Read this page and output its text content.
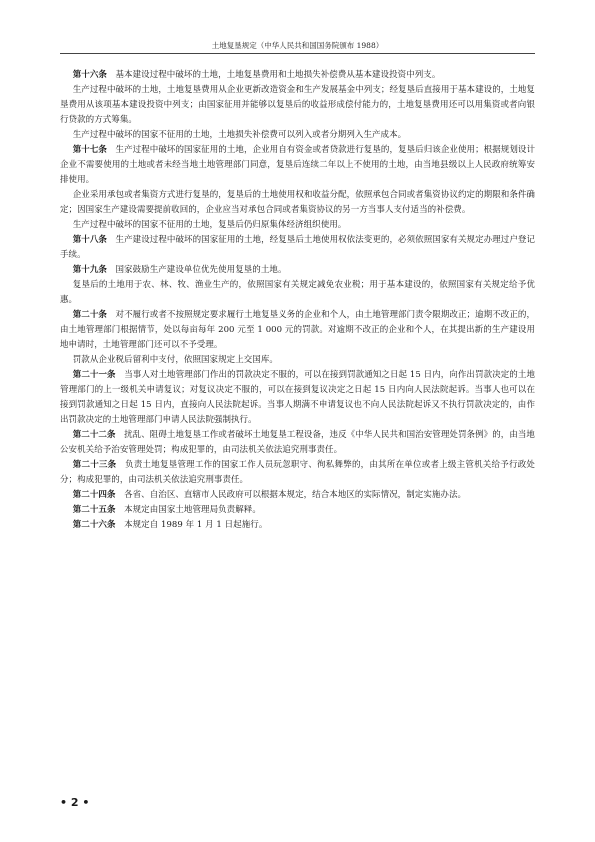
土地复垦规定（中华人民共和国国务院颁布 1988）

第十六条　基本建设过程中破坏的土地，土地复垦费用和土地损失补偿费从基本建设投资中列支。

生产过程中破坏的土地，土地复垦费用从企业更新改造资金和生产发展基金中列支；经复垦后直接用于基本建设的，土地复垦费用从该项基本建设投资中列支；由国家征用并能够以复垦后的收益形成偿付能力的，土地复垦费用还可以用集资或者向银行贷款的方式筹集。

生产过程中破坏的国家不征用的土地，土地损失补偿费可以列入或者分期列入生产成本。

第十七条　生产过程中破坏的国家征用的土地，企业用自有资金或者贷款进行复垦的，复垦后归该企业使用；根据规划设计企业不需要使用的土地或者未经当地土地管理部门同意，复垦后连续二年以上不使用的土地，由当地县级以上人民政府统筹安排使用。

企业采用承包或者集资方式进行复垦的，复垦后的土地使用权和收益分配，依照承包合同或者集资协议约定的期限和条件确定；因国家生产建设需要提前收回的，企业应当对承包合同或者集资协议的另一方当事人支付适当的补偿费。

生产过程中破坏的国家不征用的土地，复垦后仍归原集体经济组织使用。

第十八条　生产建设过程中破坏的国家征用的土地，经复垦后土地使用权依法变更的，必须依照国家有关规定办理过户登记手续。

第十九条　国家鼓励生产建设单位优先使用复垦的土地。

复垦后的土地用于农、林、牧、渔业生产的，依照国家有关规定减免农业税；用于基本建设的，依照国家有关规定给予优惠。

第二十条　对不履行或者不按照规定要求履行土地复垦义务的企业和个人，由土地管理部门责令限期改正；逾期不改正的，由土地管理部门根据情节，处以每亩每年 200 元至 1 000 元的罚款。对逾期不改正的企业和个人，在其提出新的生产建设用地申请时，土地管理部门还可以不予受理。

罚款从企业税后留利中支付，依照国家规定上交国库。

第二十一条　当事人对土地管理部门作出的罚款决定不服的，可以在接到罚款通知之日起 15 日内，向作出罚款决定的土地管理部门的上一级机关申请复议；对复议决定不服的，可以在接到复议决定之日起 15 日内向人民法院起诉。当事人也可以在接到罚款通知之日起 15 日内，直接向人民法院起诉。当事人期满不申请复议也不向人民法院起诉又不执行罚款决定的，由作出罚款决定的土地管理部门申请人民法院强制执行。

第二十二条　扰乱、阻碍土地复垦工作或者破坏土地复垦工程设备，违反《中华人民共和国治安管理处罚条例》的，由当地公安机关给予治安管理处罚；构成犯罪的，由司法机关依法追究刑事责任。

第二十三条　负责土地复垦管理工作的国家工作人员玩忽职守、徇私舞弊的，由其所在单位或者上级主管机关给予行政处分；构成犯罪的，由司法机关依法追究刑事责任。

第二十四条　各省、自治区、直辖市人民政府可以根据本规定，结合本地区的实际情况，制定实施办法。

第二十五条　本规定由国家土地管理局负责解释。

第二十六条　本规定自 1989 年 1 月 1 日起施行。

• 2 •
